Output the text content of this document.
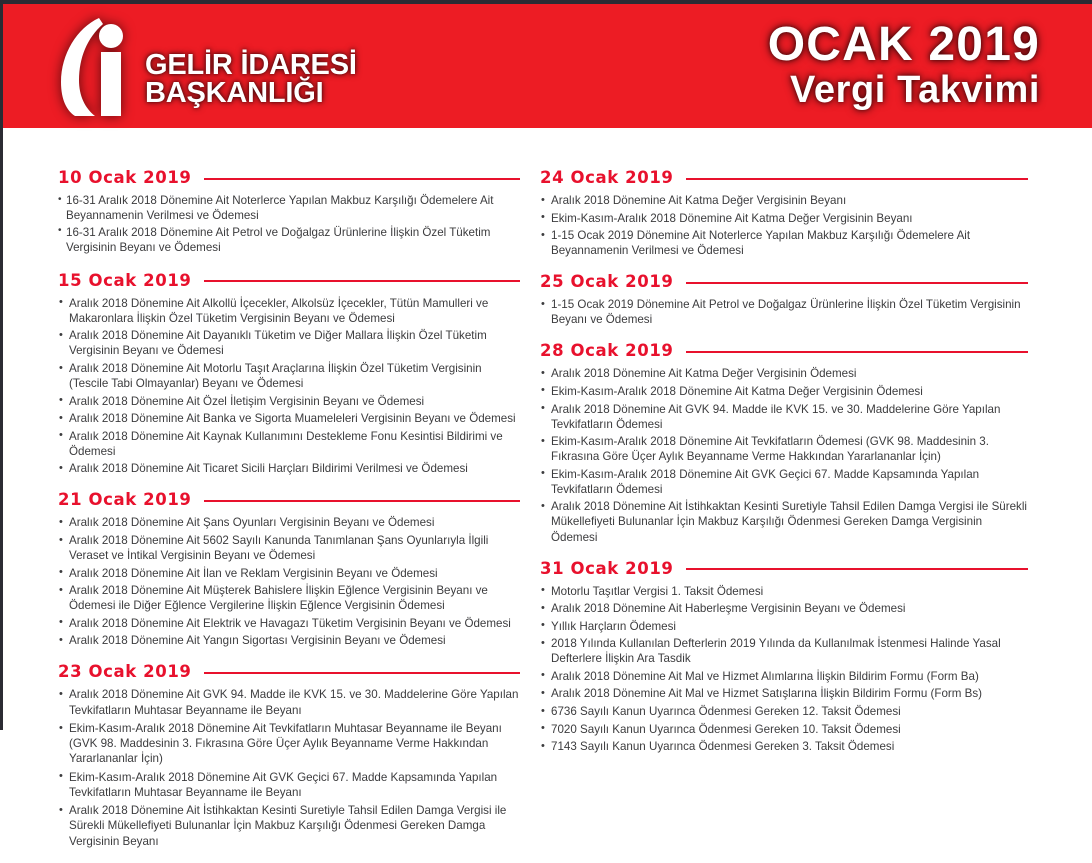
GELİR İDARESİ
BAŞKANLIĞI
OCAK 2019
Vergi Takvimi
10 Ocak 2019
• 16-31 Aralık 2018 Dönemine Ait Noterlerce Yapılan Makbuz Karşılığı Ödemelere Ait Beyannamenin Verilmesi ve Ödemesi
• 16-31 Aralık 2018 Dönemine Ait Petrol ve Doğalgaz Ürünlerine İlişkin Özel Tüketim Vergisinin Beyanı ve Ödemesi
15 Ocak 2019
• Aralık 2018 Dönemine Ait Alkollü İçecekler, Alkolsüz İçecekler, Tütün Mamulleri ve Makaronlara İlişkin Özel Tüketim Vergisinin Beyanı ve Ödemesi
• Aralık 2018 Dönemine Ait Dayanıklı Tüketim ve Diğer Mallara İlişkin Özel Tüketim Vergisinin Beyanı ve Ödemesi
• Aralık 2018 Dönemine Ait Motorlu Taşıt Araçlarına İlişkin Özel Tüketim Vergisinin (Tescile Tabi Olmayanlar) Beyanı ve Ödemesi
• Aralık 2018 Dönemine Ait Özel İletişim Vergisinin Beyanı ve Ödemesi
• Aralık 2018 Dönemine Ait Banka ve Sigorta Muameleleri Vergisinin Beyanı ve Ödemesi
• Aralık 2018 Dönemine Ait Kaynak Kullanımını Destekleme Fonu Kesintisi Bildirimi ve Ödemesi
• Aralık 2018 Dönemine Ait Ticaret Sicili Harçları Bildirimi Verilmesi ve Ödemesi
21 Ocak 2019
• Aralık 2018 Dönemine Ait Şans Oyunları Vergisinin Beyanı ve Ödemesi
• Aralık 2018 Dönemine Ait 5602 Sayılı Kanunda Tanımlanan Şans Oyunlarıyla İlgili Veraset ve İntikal Vergisinin Beyanı ve Ödemesi
• Aralık 2018 Dönemine Ait İlan ve Reklam Vergisinin Beyanı ve Ödemesi
• Aralık 2018 Dönemine Ait Müşterek Bahislere İlişkin Eğlence Vergisinin Beyanı ve Ödemesi ile Diğer Eğlence Vergilerine İlişkin Eğlence Vergisinin Ödemesi
• Aralık 2018 Dönemine Ait Elektrik ve Havagazı Tüketim Vergisinin Beyanı ve Ödemesi
• Aralık 2018 Dönemine Ait Yangın Sigortası Vergisinin Beyanı ve Ödemesi
23 Ocak 2019
• Aralık 2018 Dönemine Ait GVK 94. Madde ile KVK 15. ve 30. Maddelerine Göre Yapılan Tevkifatların Muhtasar Beyanname ile Beyanı
• Ekim-Kasım-Aralık 2018 Dönemine Ait Tevkifatların Muhtasar Beyanname ile Beyanı (GVK 98. Maddesinin 3. Fıkrasına Göre Üçer Aylık Beyanname Verme Hakkından Yararlananlar İçin)
• Ekim-Kasım-Aralık 2018 Dönemine Ait GVK Geçici 67. Madde Kapsamında Yapılan Tevkifatların Muhtasar Beyanname ile Beyanı
• Aralık 2018 Dönemine Ait İstihkaktan Kesinti Suretiyle Tahsil Edilen Damga Vergisi ile Sürekli Mükellefiyeti Bulunanlar İçin Makbuz Karşılığı Ödenmesi Gereken Damga Vergisinin Beyanı
24 Ocak 2019
• Aralık 2018 Dönemine Ait Katma Değer Vergisinin Beyanı
• Ekim-Kasım-Aralık 2018 Dönemine Ait Katma Değer Vergisinin Beyanı
• 1-15 Ocak 2019 Dönemine Ait Noterlerce Yapılan Makbuz Karşılığı Ödemelere Ait Beyannamenin Verilmesi ve Ödemesi
25 Ocak 2019
• 1-15 Ocak 2019 Dönemine Ait Petrol ve Doğalgaz Ürünlerine İlişkin Özel Tüketim Vergisinin Beyanı ve Ödemesi
28 Ocak 2019
• Aralık 2018 Dönemine Ait Katma Değer Vergisinin Ödemesi
• Ekim-Kasım-Aralık 2018 Dönemine Ait Katma Değer Vergisinin Ödemesi
• Aralık 2018 Dönemine Ait GVK 94. Madde ile KVK 15. ve 30. Maddelerine Göre Yapılan Tevkifatların Ödemesi
• Ekim-Kasım-Aralık 2018 Dönemine Ait Tevkifatların Ödemesi (GVK 98. Maddesinin 3. Fıkrasına Göre Üçer Aylık Beyanname Verme Hakkından Yararlananlar İçin)
• Ekim-Kasım-Aralık 2018 Dönemine Ait GVK Geçici 67. Madde Kapsamında Yapılan Tevkifatların Ödemesi
• Aralık 2018 Dönemine Ait İstihkaktan Kesinti Suretiyle Tahsil Edilen Damga Vergisi ile Sürekli Mükellefiyeti Bulunanlar İçin Makbuz Karşılığı Ödenmesi Gereken Damga Vergisinin Ödemesi
31 Ocak 2019
• Motorlu Taşıtlar Vergisi 1. Taksit Ödemesi
• Aralık 2018 Dönemine Ait Haberleşme Vergisinin Beyanı ve Ödemesi
• Yıllık Harçların Ödemesi
• 2018 Yılında Kullanılan Defterlerin 2019 Yılında da Kullanılmak İstenmesi Halinde Yasal Defterlere İlişkin Ara Tasdik
• Aralık 2018 Dönemine Ait Mal ve Hizmet Alımlarına İlişkin Bildirim Formu (Form Ba)
• Aralık 2018 Dönemine Ait Mal ve Hizmet Satışlarına İlişkin Bildirim Formu (Form Bs)
• 6736 Sayılı Kanun Uyarınca Ödenmesi Gereken 12. Taksit Ödemesi
• 7020 Sayılı Kanun Uyarınca Ödenmesi Gereken 10. Taksit Ödemesi
• 7143 Sayılı Kanun Uyarınca Ödenmesi Gereken 3. Taksit Ödemesi
